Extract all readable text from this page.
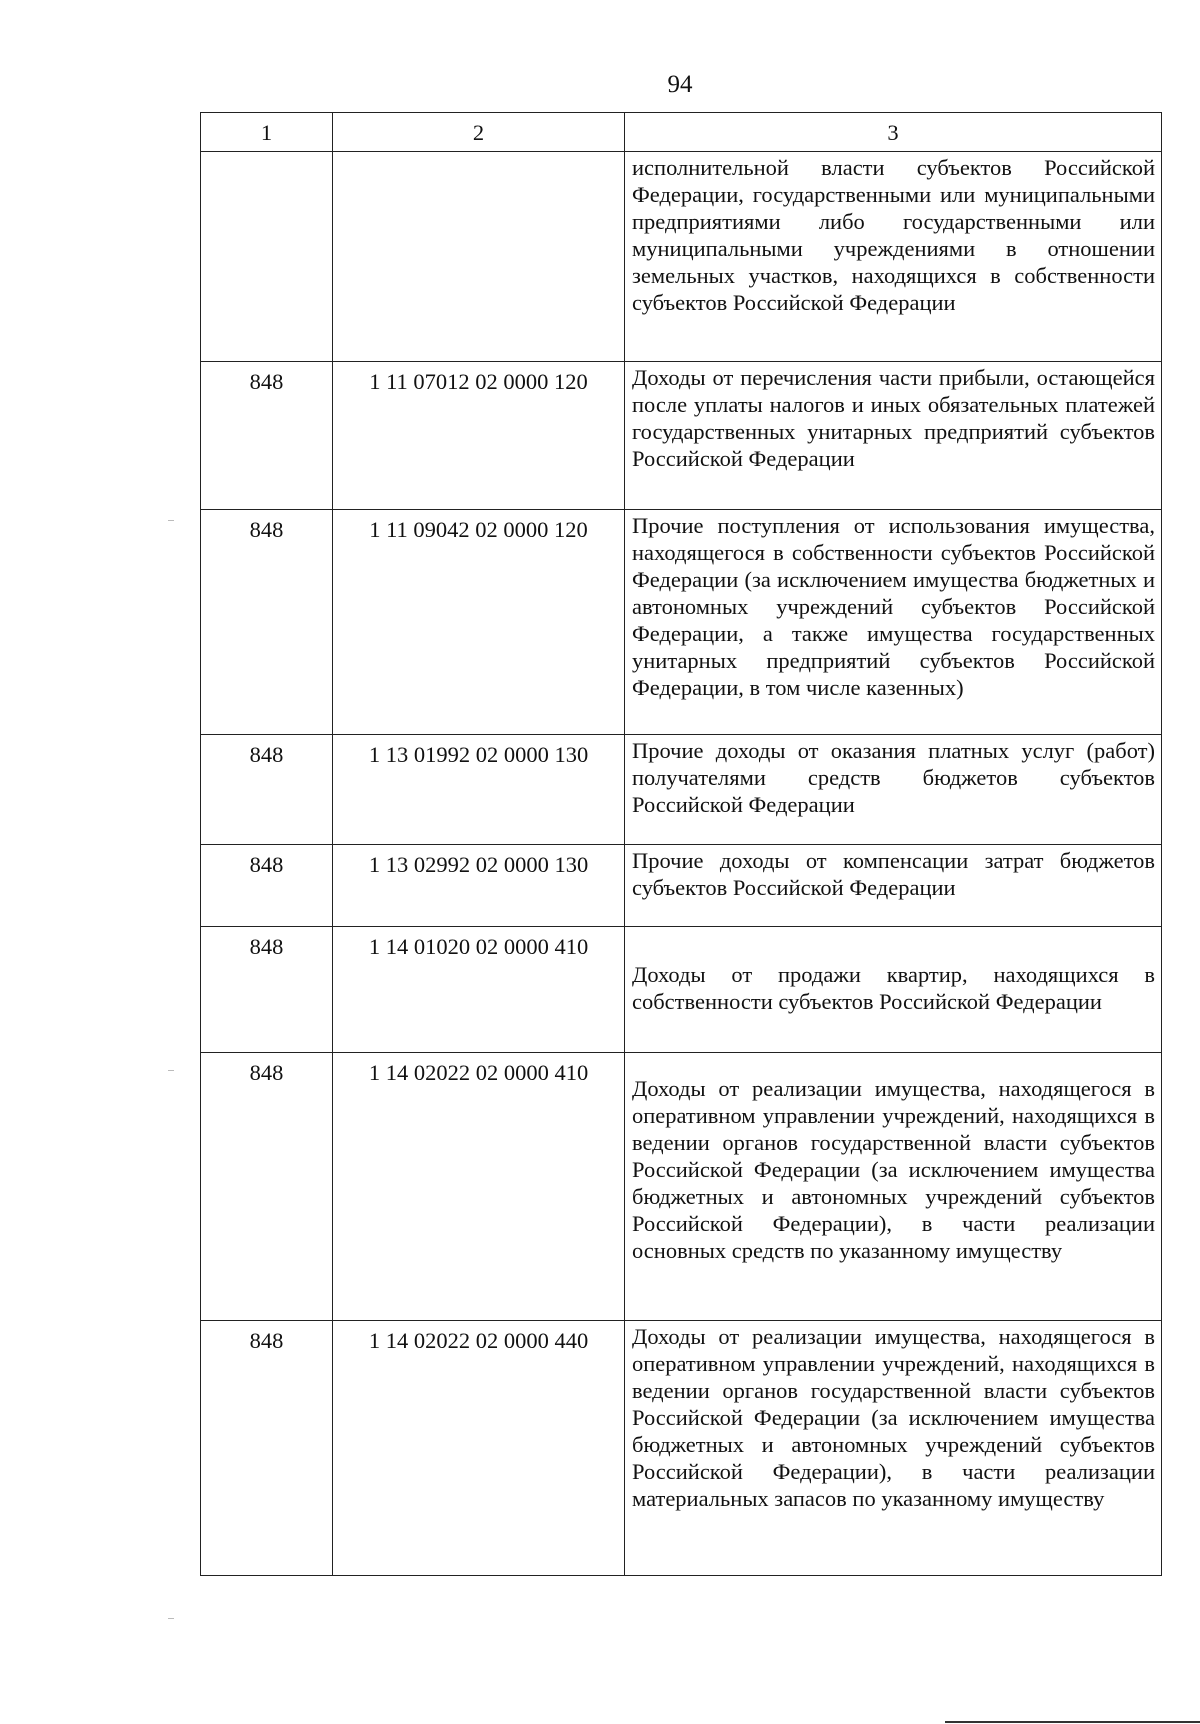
94
1	2	3
		исполнительной власти субъектов Российской Федерации, государственными или муниципальными предприятиями либо государственными или муниципальными учреждениями в отношении земельных участков, находящихся в собственности субъектов Российской Федерации
848	1 11 07012 02 0000 120	Доходы от перечисления части прибыли, остающейся после уплаты налогов и иных обязательных платежей государственных унитарных предприятий субъектов Российской Федерации
848	1 11 09042 02 0000 120	Прочие поступления от использования имущества, находящегося в собственности субъектов Российской Федерации (за исключением имущества бюджетных и автономных учреждений субъектов Российской Федерации, а также имущества государственных унитарных предприятий субъектов Российской Федерации, в том числе казенных)
848	1 13 01992 02 0000 130	Прочие доходы от оказания платных услуг (работ) получателями средств бюджетов субъектов Российской Федерации
848	1 13 02992 02 0000 130	Прочие доходы от компенсации затрат бюджетов субъектов Российской Федерации
848	1 14 01020 02 0000 410	Доходы от продажи квартир, находящихся в собственности субъектов Российской Федерации
848	1 14 02022 02 0000 410	Доходы от реализации имущества, находящегося в оперативном управлении учреждений, находящихся в ведении органов государственной власти субъектов Российской Федерации (за исключением имущества бюджетных и автономных учреждений субъектов Российской Федерации), в части реализации основных средств по указанному имуществу
848	1 14 02022 02 0000 440	Доходы от реализации имущества, находящегося в оперативном управлении учреждений, находящихся в ведении органов государственной власти субъектов Российской Федерации (за исключением имущества бюджетных и автономных учреждений субъектов Российской Федерации), в части реализации материальных запасов по указанному имуществу
